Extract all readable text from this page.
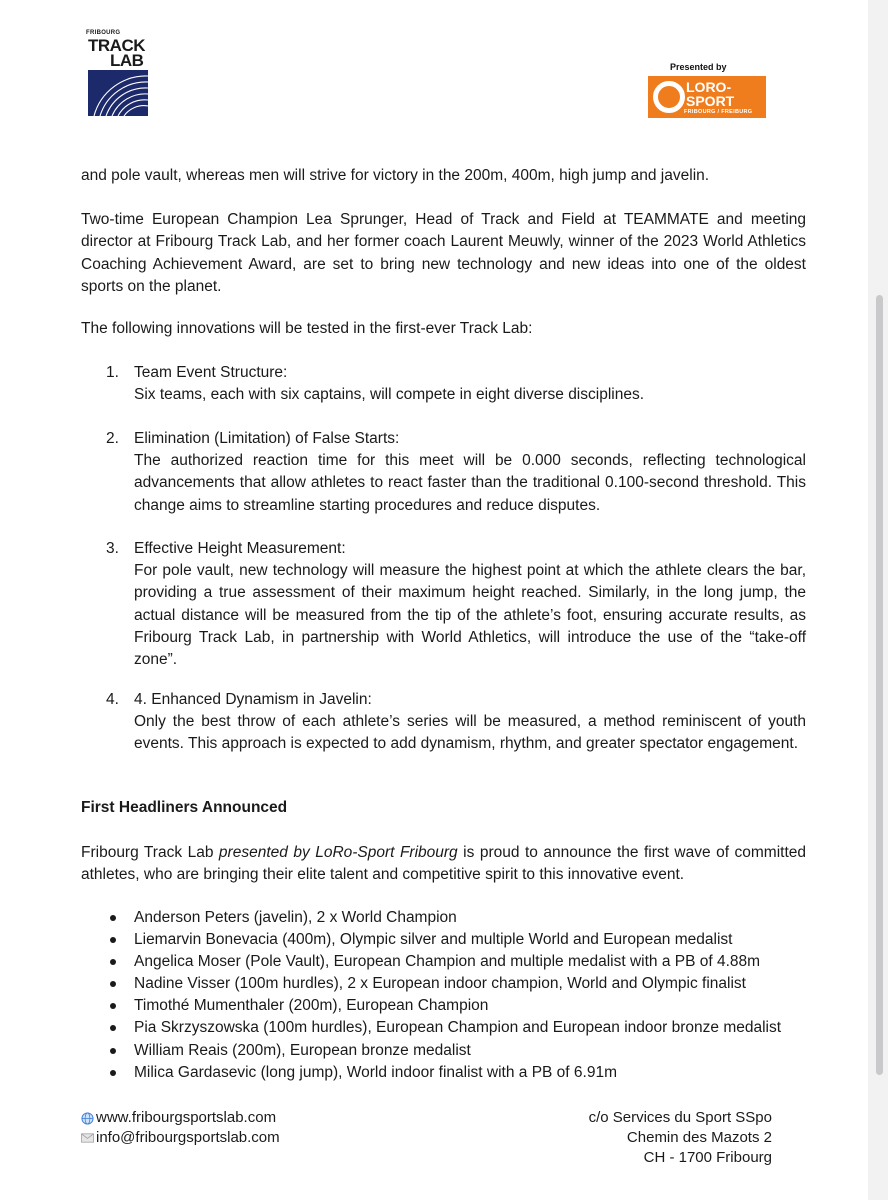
FRIBOURG
TRACK
LAB	Presented by
LORO-
SPORT
FRIBOURG / FREIBURG

and pole vault, whereas men will strive for victory in the 200m, 400m, high jump and javelin.

Two-time European Champion Lea Sprunger, Head of Track and Field at TEAMMATE and meeting director at Fribourg Track Lab, and her former coach Laurent Meuwly, winner of the 2023 World Athletics Coaching Achievement Award, are set to bring new technology and new ideas into one of the oldest sports on the planet.

The following innovations will be tested in the first-ever Track Lab:

1. Team Event Structure:

Six teams, each with six captains, will compete in eight diverse disciplines.

2. Elimination (Limitation) of False Starts:

The authorized reaction time for this meet will be 0.000 seconds, reflecting technological advancements that allow athletes to react faster than the traditional 0.100-second threshold. This change aims to streamline starting procedures and reduce disputes.

3. Effective Height Measurement:

For pole vault, new technology will measure the highest point at which the athlete clears the bar, providing a true assessment of their maximum height reached. Similarly, in the long jump, the actual distance will be measured from the tip of the athlete’s foot, ensuring accurate results, as Fribourg Track Lab, in partnership with World Athletics, will introduce the use of the “take-off zone”.

4. 4. Enhanced Dynamism in Javelin:

Only the best throw of each athlete’s series will be measured, a method reminiscent of youth events. This approach is expected to add dynamism, rhythm, and greater spectator engagement.

First Headliners Announced

Fribourg Track Lab presented by LoRo-Sport Fribourg is proud to announce the first wave of committed athletes, who are bringing their elite talent and competitive spirit to this innovative event.

Anderson Peters (javelin), 2 x World Champion
Liemarvin Bonevacia (400m), Olympic silver and multiple World and European medalist
Angelica Moser (Pole Vault), European Champion and multiple medalist with a PB of 4.88m
Nadine Visser (100m hurdles), 2 x European indoor champion, World and Olympic finalist
Timothé Mumenthaler (200m), European Champion
Pia Skrzyszowska (100m hurdles), European Champion and European indoor bronze medalist
William Reais (200m), European bronze medalist
Milica Gardasevic (long jump), World indoor finalist with a PB of 6.91m
www.fribourgsportslab.com
info@fribourgsportslab.com
c/o Services du Sport SSpo
Chemin des Mazots 2
CH - 1700 Fribourg
